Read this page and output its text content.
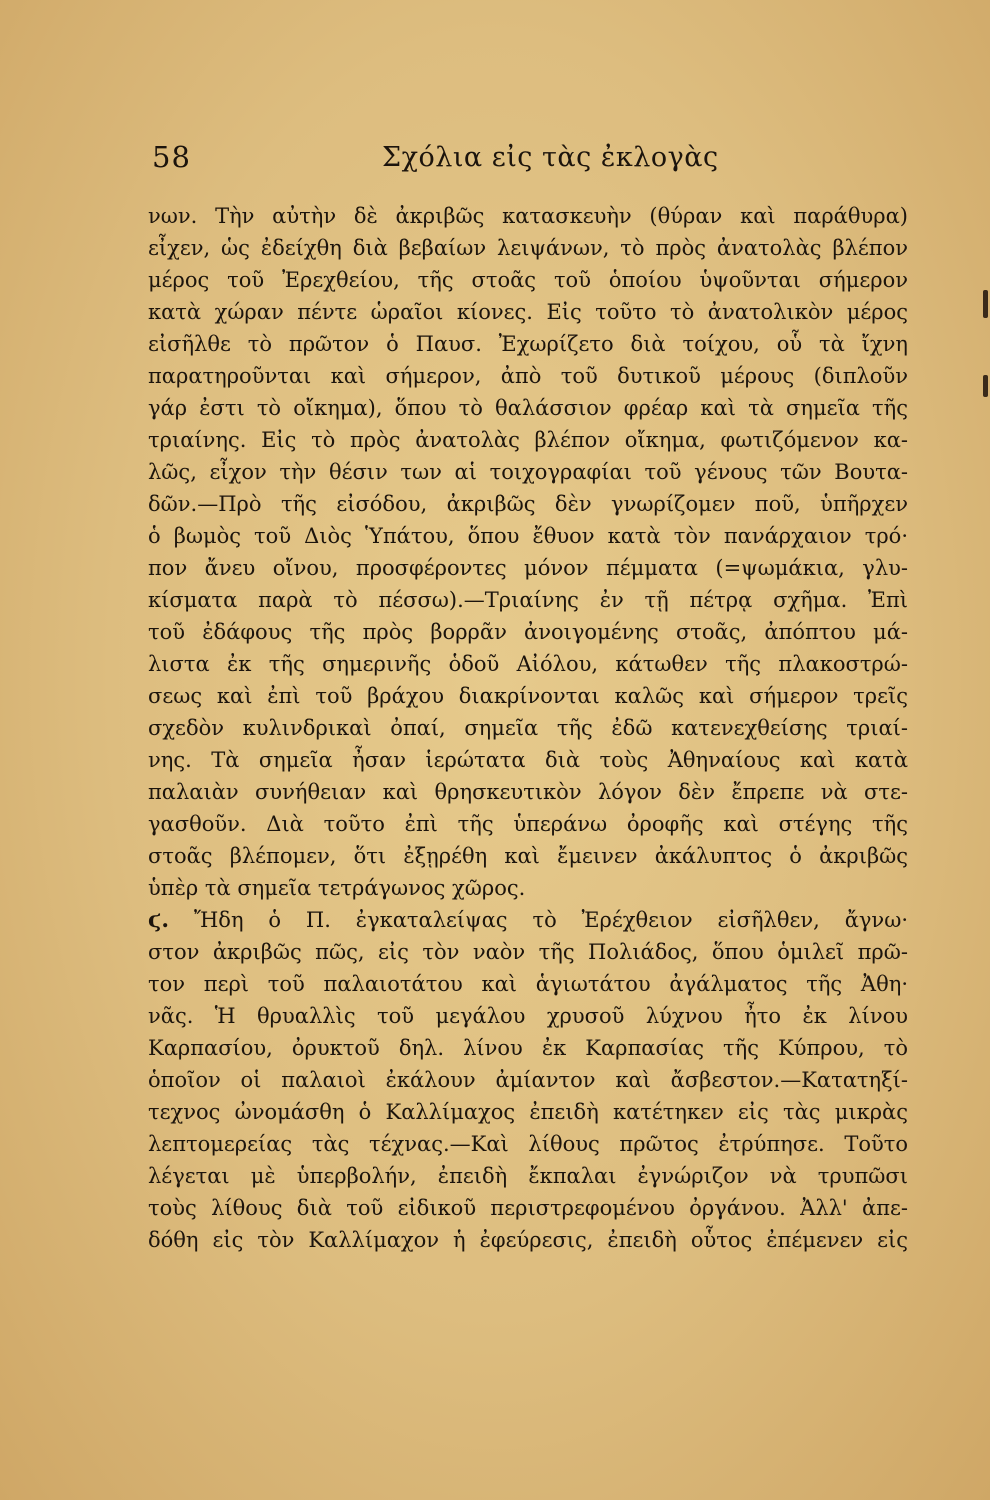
58	Σχόλια εἰς τὰς ἐκλογὰς
νων. Τὴν αὐτὴν δὲ ἀκριβῶς κατασκευὴν (θύραν καὶ παράθυρα)
εἶχεν, ὡς ἐδείχθη διὰ βεβαίων λειψάνων, τὸ πρὸς ἀνατολὰς βλέπον
μέρος τοῦ Ἐρεχθείου, τῆς στοᾶς τοῦ ὁποίου ὑψοῦνται σήμερον
κατὰ χώραν πέντε ὡραῖοι κίονες. Εἰς τοῦτο τὸ ἀνατολικὸν μέρος
εἰσῆλθε τὸ πρῶτον ὁ Παυσ. Ἐχωρίζετο διὰ τοίχου, οὗ τὰ ἴχνη
παρατηροῦνται καὶ σήμερον, ἀπὸ τοῦ δυτικοῦ μέρους (διπλοῦν
γάρ ἐστι τὸ οἴκημα), ὅπου τὸ θαλάσσιον φρέαρ καὶ τὰ σημεῖα τῆς
τριαίνης. Εἰς τὸ πρὸς ἀνατολὰς βλέπον οἴκημα, φωτιζόμενον κα-
λῶς, εἶχον τὴν θέσιν των αἱ τοιχογραφίαι τοῦ γένους τῶν Βουτα-
δῶν.—Πρὸ τῆς εἰσόδου, ἀκριβῶς δὲν γνωρίζομεν ποῦ, ὑπῆρχεν
ὁ βωμὸς τοῦ Διὸς Ὑπάτου, ὅπου ἔθυον κατὰ τὸν πανάρχαιον τρό·
πον ἄνευ οἴνου, προσφέροντες μόνον πέμματα (=ψωμάκια, γλυ-
κίσματα παρὰ τὸ πέσσω).—Τριαίνης ἐν τῇ πέτρᾳ σχῆμα. Ἐπὶ
τοῦ ἐδάφους τῆς πρὸς βορρᾶν ἀνοιγομένης στοᾶς, ἀπόπτου μά-
λιστα ἐκ τῆς σημερινῆς ὁδοῦ Αἰόλου, κάτωθεν τῆς πλακοστρώ-
σεως καὶ ἐπὶ τοῦ βράχου διακρίνονται καλῶς καὶ σήμερον τρεῖς
σχεδὸν κυλινδρικαὶ ὀπαί, σημεῖα τῆς ἐδῶ κατενεχθείσης τριαί-
νης. Τὰ σημεῖα ἦσαν ἱερώτατα διὰ τοὺς Ἀθηναίους καὶ κατὰ
παλαιὰν συνήθειαν καὶ θρησκευτικὸν λόγον δὲν ἔπρεπε νὰ στε-
γασθοῦν. Διὰ τοῦτο ἐπὶ τῆς ὑπεράνω ὀροφῆς καὶ στέγης τῆς
στοᾶς βλέπομεν, ὅτι ἐξῃρέθη καὶ ἔμεινεν ἀκάλυπτος ὁ ἀκριβῶς
ὑπὲρ τὰ σημεῖα τετράγωνος χῶρος.
ϛ. Ἤδη ὁ Π. ἐγκαταλείψας τὸ Ἐρέχθειον εἰσῆλθεν, ἄγνω·
στον ἀκριβῶς πῶς, εἰς τὸν ναὸν τῆς Πολιάδος, ὅπου ὁμιλεῖ πρῶ-
τον περὶ τοῦ παλαιοτάτου καὶ ἁγιωτάτου ἀγάλματος τῆς Ἀθη·
νᾶς. Ἡ θρυαλλὶς τοῦ μεγάλου χρυσοῦ λύχνου ἦτο ἐκ λίνου
Καρπασίου, ὀρυκτοῦ δηλ. λίνου ἐκ Καρπασίας τῆς Κύπρου, τὸ
ὁποῖον οἱ παλαιοὶ ἐκάλουν ἀμίαντον καὶ ἄσβεστον.—Κατατηξί-
τεχνος ὠνομάσθη ὁ Καλλίμαχος ἐπειδὴ κατέτηκεν εἰς τὰς μικρὰς
λεπτομερείας τὰς τέχνας.—Καὶ λίθους πρῶτος ἐτρύπησε. Τοῦτο
λέγεται μὲ ὑπερβολήν, ἐπειδὴ ἔκπαλαι ἐγνώριζον νὰ τρυπῶσι
τοὺς λίθους διὰ τοῦ εἰδικοῦ περιστρεφομένου ὀργάνου. Ἀλλ' ἀπε-
δόθη εἰς τὸν Καλλίμαχον ἡ ἐφεύρεσις, ἐπειδὴ οὗτος ἐπέμενεν εἰς
